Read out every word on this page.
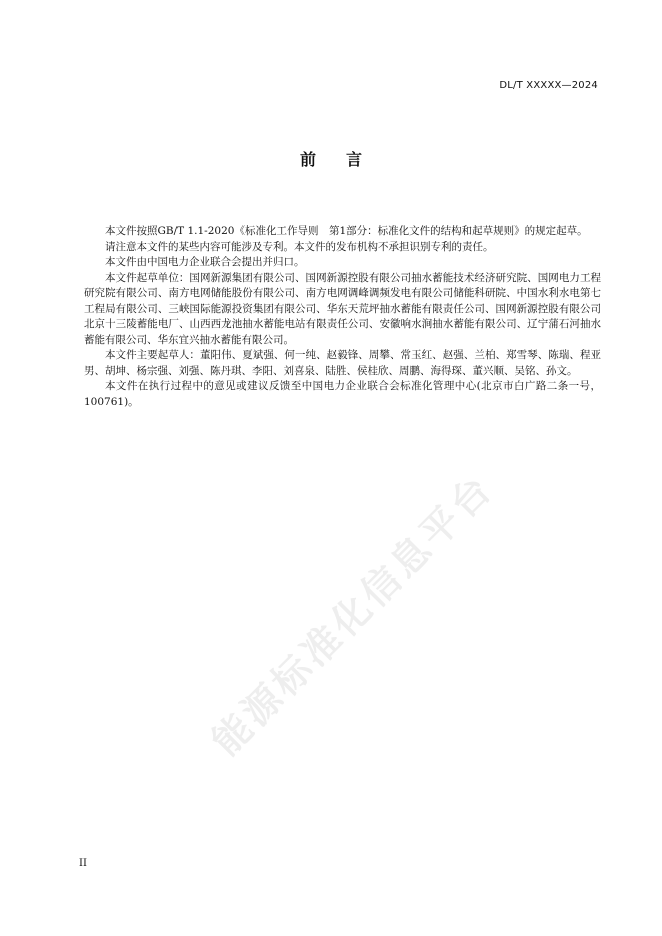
DL/T XXXXX—2024
前言

本文件按照GB/T 1.1-2020《标准化工作导则　第1部分：标准化文件的结构和起草规则》的规定起草。

请注意本文件的某些内容可能涉及专利。本文件的发布机构不承担识别专利的责任。

本文件由中国电力企业联合会提出并归口。

本文件起草单位：国网新源集团有限公司、国网新源控股有限公司抽水蓄能技术经济研究院、国网电力工程研究院有限公司、南方电网储能股份有限公司、南方电网调峰调频发电有限公司储能科研院、中国水利水电第七工程局有限公司、三峡国际能源投资集团有限公司、华东天荒坪抽水蓄能有限责任公司、国网新源控股有限公司北京十三陵蓄能电厂、山西西龙池抽水蓄能电站有限责任公司、安徽响水涧抽水蓄能有限公司、辽宁蒲石河抽水蓄能有限公司、华东宜兴抽水蓄能有限公司。

本文件主要起草人：董阳伟、夏斌强、何一纯、赵毅锋、周攀、常玉红、赵强、兰柏、郑雪琴、陈瑞、程亚男、胡坤、杨宗强、刘强、陈丹琪、李阳、刘喜泉、陆胜、侯桂欣、周鹏、海得琛、董兴顺、吴铭、孙文。

本文件在执行过程中的意见或建议反馈至中国电力企业联合会标准化管理中心(北京市白广路二条一号，100761)。

能源标准化信息平台
II
